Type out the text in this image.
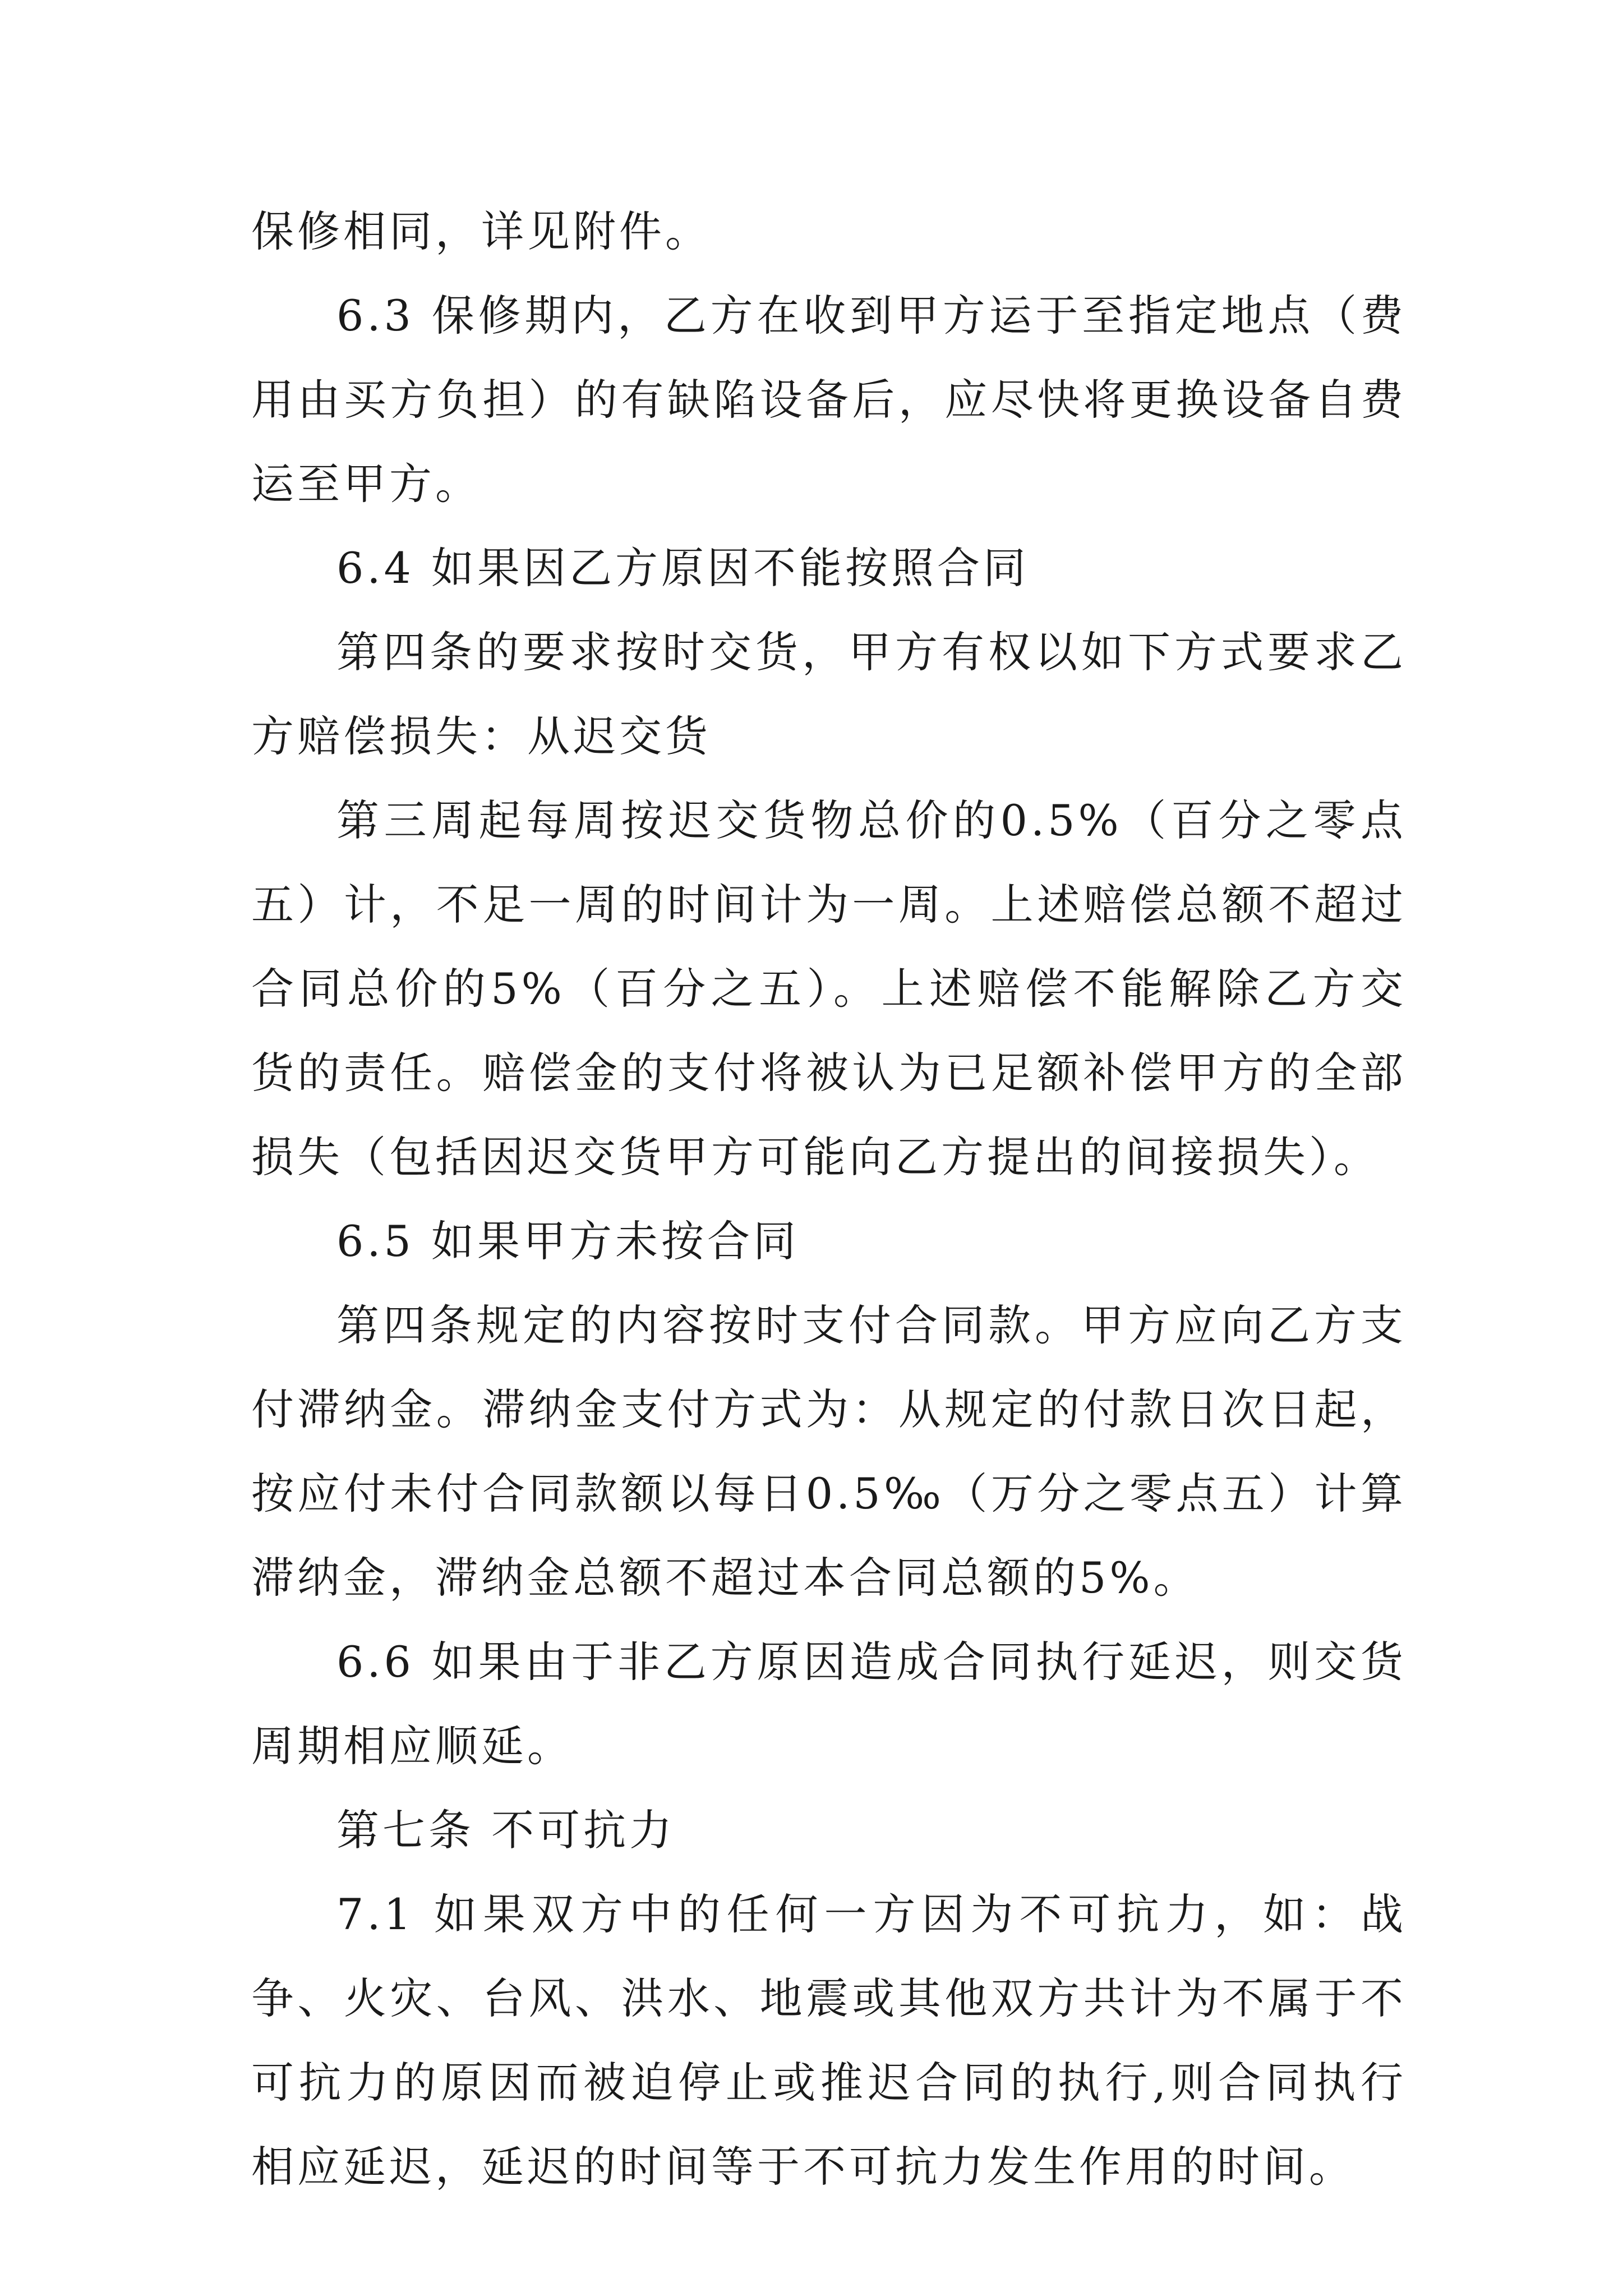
保修相同，详见附件。

6.3 保修期内，乙方在收到甲方运于至指定地点（费用由买方负担）的有缺陷设备后，应尽快将更换设备自费运至甲方。

6.4 如果因乙方原因不能按照合同

第四条的要求按时交货，甲方有权以如下方式要求乙方赔偿损失：从迟交货

第三周起每周按迟交货物总价的0.5%（百分之零点五）计，不足一周的时间计为一周。上述赔偿总额不超过合同总价的5%（百分之五）。上述赔偿不能解除乙方交货的责任。赔偿金的支付将被认为已足额补偿甲方的全部损失（包括因迟交货甲方可能向乙方提出的间接损失）。

6.5 如果甲方未按合同

第四条规定的内容按时支付合同款。甲方应向乙方支付滞纳金。滞纳金支付方式为：从规定的付款日次日起，按应付未付合同款额以每日0.5‰（万分之零点五）计算滞纳金，滞纳金总额不超过本合同总额的5%。

6.6 如果由于非乙方原因造成合同执行延迟，则交货周期相应顺延。

第七条 不可抗力

7.1 如果双方中的任何一方因为不可抗力，如：战争、火灾、台风、洪水、地震或其他双方共计为不属于不可抗力的原因而被迫停止或推迟合同的执行,则合同执行相应延迟，延迟的时间等于不可抗力发生作用的时间。
